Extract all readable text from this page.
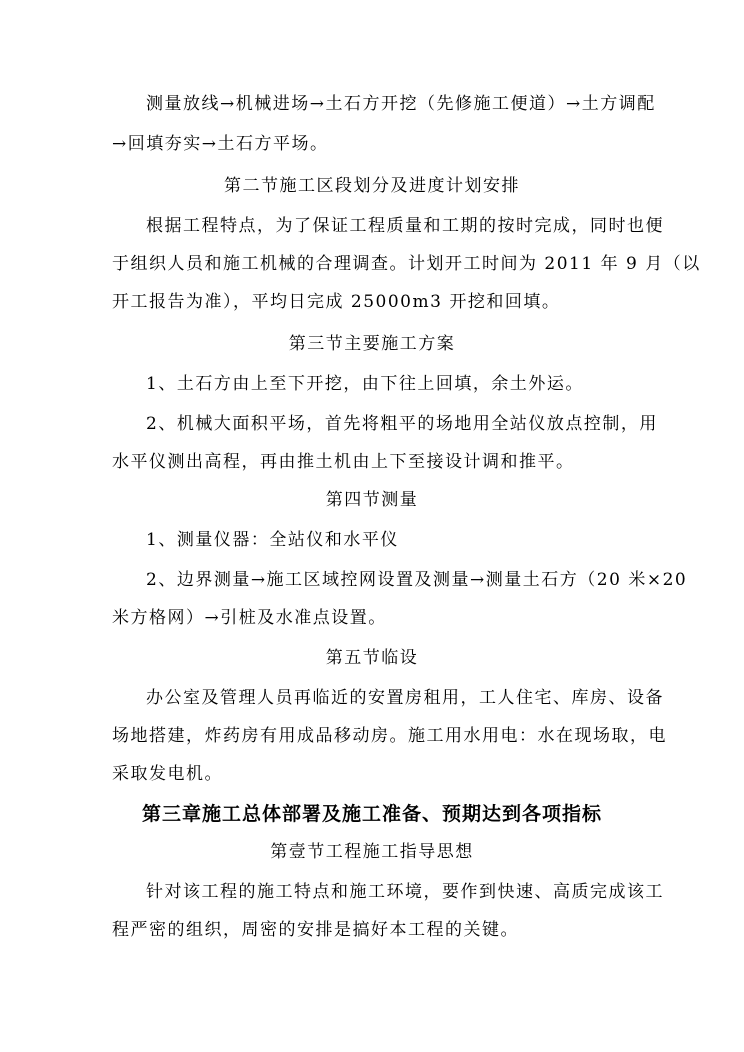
测量放线→机械进场→土石方开挖（先修施工便道）→土方调配
→回填夯实→土石方平场。
第二节施工区段划分及进度计划安排
根据工程特点，为了保证工程质量和工期的按时完成，同时也便
于组织人员和施工机械的合理调查。计划开工时间为 2011 年 9 月（以
开工报告为准），平均日完成 25000m3 开挖和回填。
第三节主要施工方案
1、土石方由上至下开挖，由下往上回填，余土外运。
2、机械大面积平场，首先将粗平的场地用全站仪放点控制，用
水平仪测出高程，再由推土机由上下至接设计调和推平。
第四节测量
1、测量仪器：全站仪和水平仪
2、边界测量→施工区域控网设置及测量→测量土石方（20 米×20
米方格网）→引桩及水准点设置。
第五节临设
办公室及管理人员再临近的安置房租用，工人住宅、库房、设备
场地搭建，炸药房有用成品移动房。施工用水用电：水在现场取，电
采取发电机。
第三章施工总体部署及施工准备、预期达到各项指标
第壹节工程施工指导思想
针对该工程的施工特点和施工环境，要作到快速、高质完成该工
程严密的组织，周密的安排是搞好本工程的关键。
